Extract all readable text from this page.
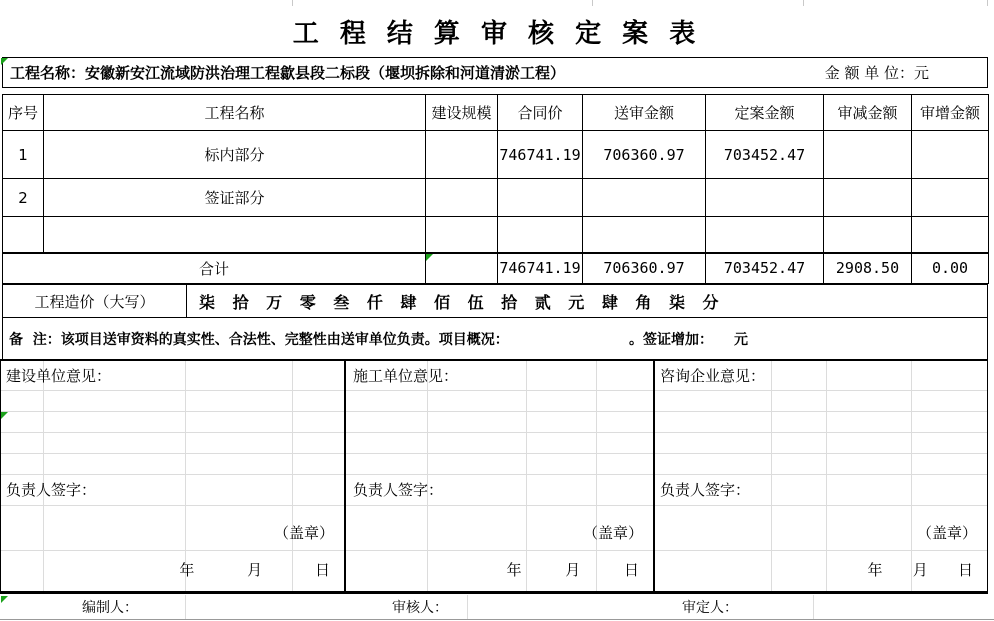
工 程 结 算 审 核 定 案 表
工程名称：安徽新安江流域防洪治理工程歙县段二标段（堰坝拆除和河道清淤工程）	金 额 单 位：元
序号	工程名称	建设规模	合同价	送审金额	定案金额	审减金额	审增金额
1	标内部分		746741.19	706360.97	703452.47		
2	签证部分						

合计			746741.19	706360.97	703452.47	2908.50	0.00
工程造价（大写）	柒 拾 万 零 叁 仟 肆 佰 伍 拾 贰 元 肆 角 柒 分
备  注：该项目送审资料的真实性、合法性、完整性由送审单位负责。项目概况：	。签证增加： 元
建设单位意见：
负责人签字：
（盖章）
年	月	日
施工单位意见：
负责人签字：
（盖章）
年	月	日
咨询企业意见：
负责人签字：
（盖章）
年 月 日
编制人：	审核人：	审定人：
